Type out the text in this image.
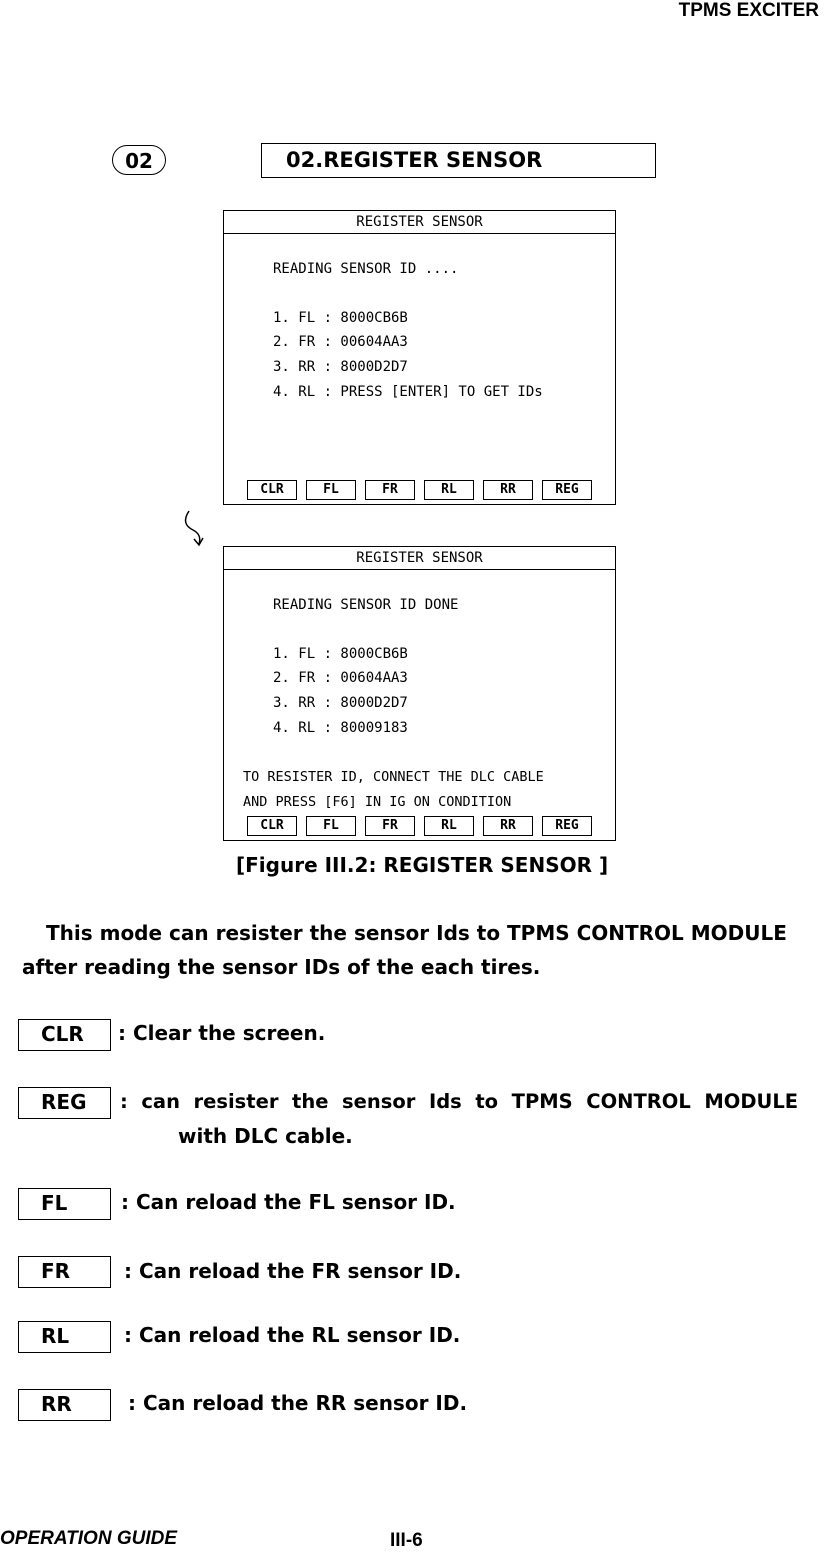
TPMS EXCITER
02	02.REGISTER SENSOR
REGISTER SENSOR
READING SENSOR ID ....
1. FL : 8000CB6B
2. FR : 00604AA3
3. RR : 8000D2D7
4. RL : PRESS [ENTER] TO GET IDs
CLR	FL	FR	RL	RR	REG
REGISTER SENSOR
READING SENSOR ID DONE
1. FL : 8000CB6B
2. FR : 00604AA3
3. RR : 8000D2D7
4. RL : 80009183
TO RESISTER ID, CONNECT THE DLC CABLE
AND PRESS [F6] IN IG ON CONDITION
CLR	FL	FR	RL	RR	REG
[Figure III.2: REGISTER SENSOR ]
This mode can resister the sensor Ids to TPMS CONTROL MODULE
after reading the sensor IDs of the each tires.
CLR	: Clear the screen.
REG	:  can  resister  the  sensor  Ids  to  TPMS  CONTROL  MODULE
with DLC cable.
FL	: Can reload the FL sensor ID.
FR	: Can reload the FR sensor ID.
RL	: Can reload the RL sensor ID.
RR	: Can reload the RR sensor ID.
OPERATION GUIDE	III-6
